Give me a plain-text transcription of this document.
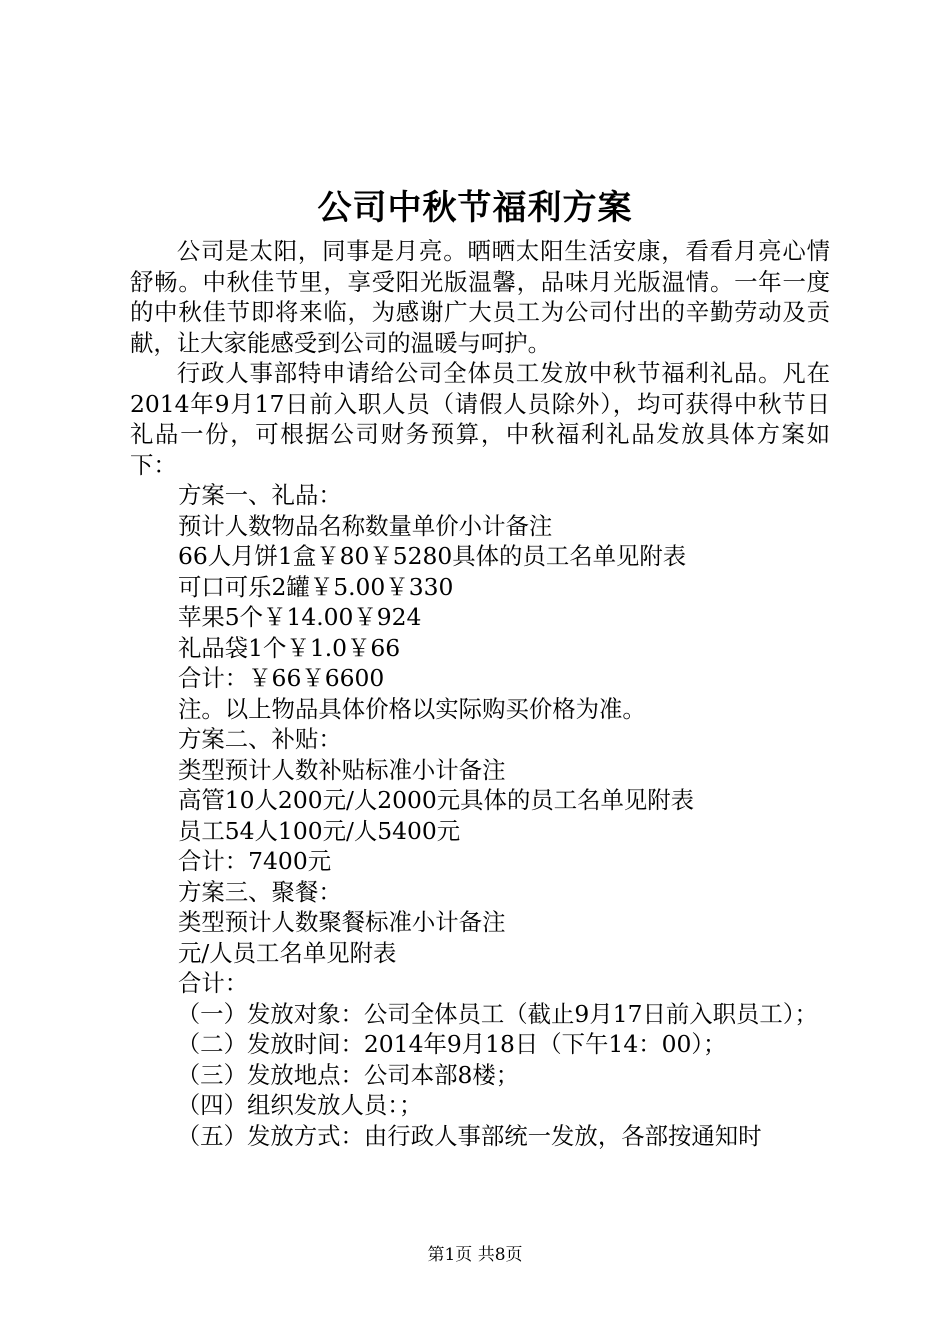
公司中秋节福利方案

公司是太阳，同事是月亮。晒晒太阳生活安康，看看月亮心情舒畅。中秋佳节里，享受阳光版温馨，品味月光版温情。一年一度的中秋佳节即将来临，为感谢广大员工为公司付出的辛勤劳动及贡献，让大家能感受到公司的温暖与呵护。

行政人事部特申请给公司全体员工发放中秋节福利礼品。凡在2014年9月17日前入职人员（请假人员除外），均可获得中秋节日礼品一份，可根据公司财务预算，中秋福利礼品发放具体方案如下：

方案一、礼品：
预计人数物品名称数量单价小计备注
66人月饼1盒￥80￥5280具体的员工名单见附表
可口可乐2罐￥5.00￥330
苹果5个￥14.00￥924
礼品袋1个￥1.0￥66
合计：￥66￥6600
注。以上物品具体价格以实际购买价格为准。
方案二、补贴：
类型预计人数补贴标准小计备注
高管10人200元/人2000元具体的员工名单见附表
员工54人100元/人5400元
合计：7400元
方案三、聚餐：
类型预计人数聚餐标准小计备注
元/人员工名单见附表
合计：

（一）发放对象：公司全体员工（截止9月17日前入职员工）；

（二）发放时间：2014年9月18日（下午14：00）；

（三）发放地点：公司本部8楼；

（四）组织发放人员：；

（五）发放方式：由行政人事部统一发放，各部按通知时

第1页 共8页
